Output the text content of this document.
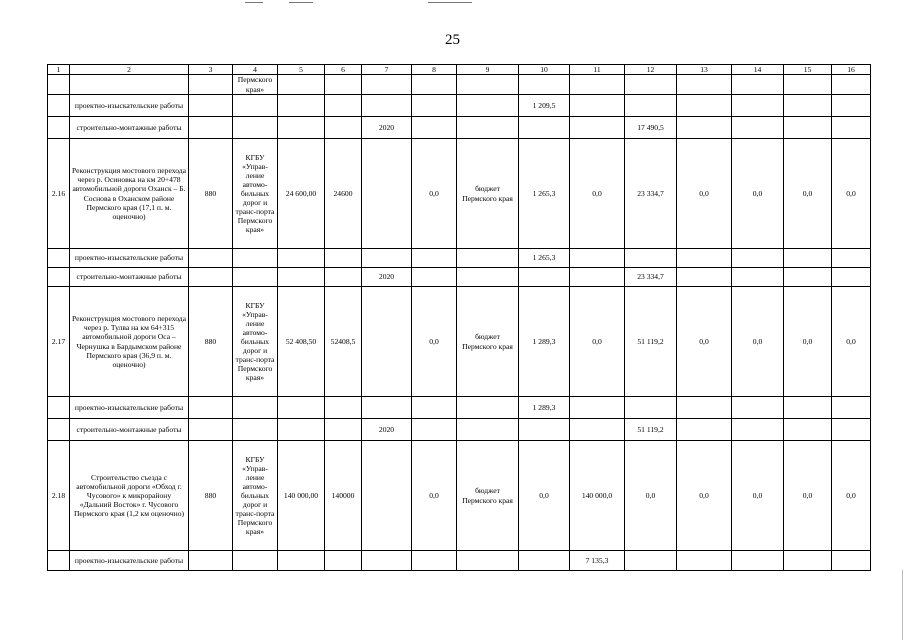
25
1	2	3	4	5	6	7	8	9	10	11	12	13	14	15	16
			Пермского края»												
	проектно-изыскательские работы								1 209,5						
	строительно-монтажные работы					2020					17 490,5				
2.16	Реконструкция мостового перехода через р. Осиновка на км 20+478 автомобильной дороги Оханск – Б. Соснова в Оханском районе Пермского края (17,1 п. м. оценочно)	880	КГБУ «Управ-ление автомо-бильных дорог и транс-порта Пермского края»	24 600,00	24600		0,0	бюджет Пермского края	1 265,3	0,0	23 334,7	0,0	0,0	0,0	0,0
	проектно-изыскательские работы								1 265,3						
	строительно-монтажные работы					2020					23 334,7				
2.17	Реконструкция мостового перехода через р. Тулва на км 64+315 автомобильной дороги Оса – Чернушка в Бардымском районе Пермского края (36,9 п. м. оценочно)	880	КГБУ «Управ-ление автомо-бильных дорог и транс-порта Пермского края»	52 408,50	52408,5		0,0	бюджет Пермского края	1 289,3	0,0	51 119,2	0,0	0,0	0,0	0,0
	проектно-изыскательские работы								1 289,3						
	строительно-монтажные работы					2020					51 119,2				
2.18	Строительство съезда с автомобильной дороги «Обход г. Чусового» к микрорайону «Дальний Восток» г. Чусового Пермского края (1,2 км оценочно)	880	КГБУ «Управ-ление автомо-бильных дорог и транс-порта Пермского края»	140 000,00	140000		0,0	бюджет Пермского края	0,0	140 000,0	0,0	0,0	0,0	0,0	0,0
	проектно-изыскательские работы									7 135,3					
